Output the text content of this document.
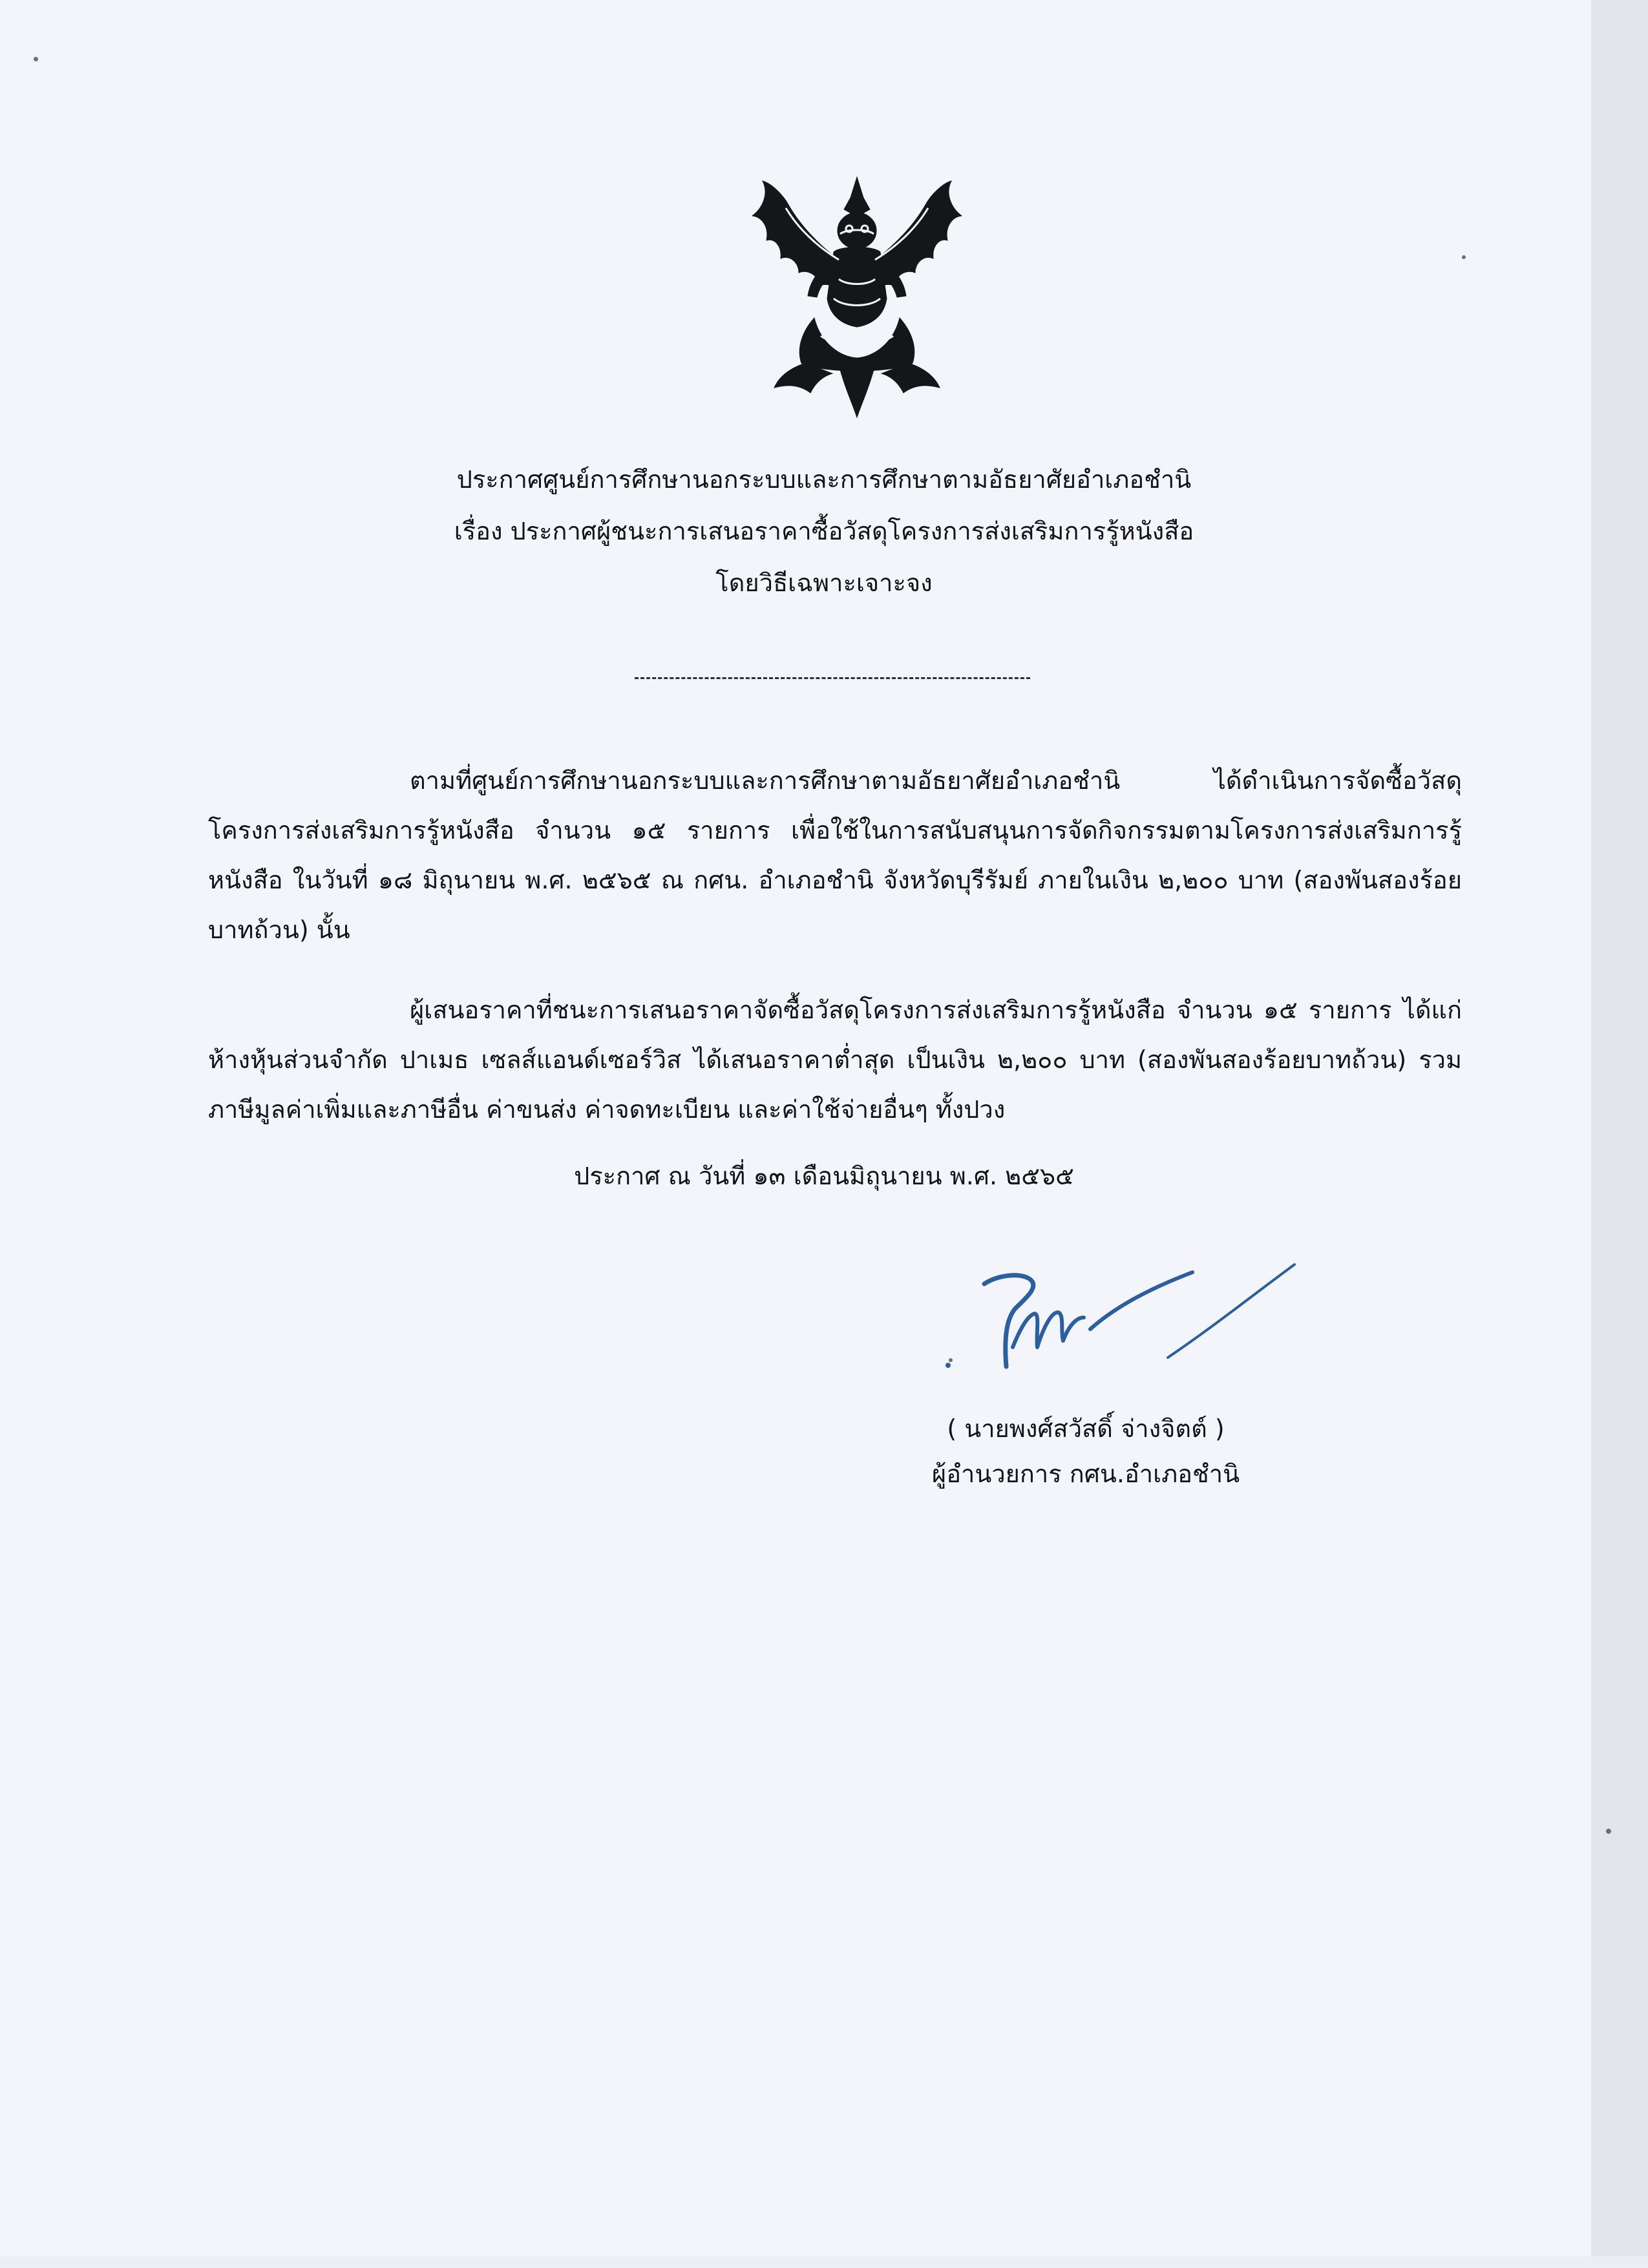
ประกาศศูนย์การศึกษานอกระบบและการศึกษาตามอัธยาศัยอำเภอชำนิ
เรื่อง ประกาศผู้ชนะการเสนอราคาซื้อวัสดุโครงการส่งเสริมการรู้หนังสือ
โดยวิธีเฉพาะเจาะจง

ตามที่ศูนย์การศึกษานอกระบบและการศึกษาตามอัธยาศัยอำเภอชำนิ ได้ดำเนินการจัดซื้อวัสดุโครงการส่งเสริมการรู้หนังสือ จำนวน ๑๕ รายการ เพื่อใช้ในการสนับสนุนการจัดกิจกรรมตามโครงการส่งเสริมการรู้หนังสือ ในวันที่ ๑๘ มิถุนายน พ.ศ. ๒๕๖๕ ณ กศน. อำเภอชำนิ จังหวัดบุรีรัมย์ ภายในเงิน ๒,๒๐๐ บาท (สองพันสองร้อยบาทถ้วน) นั้น

ผู้เสนอราคาที่ชนะการเสนอราคาจัดซื้อวัสดุโครงการส่งเสริมการรู้หนังสือ จำนวน ๑๕ รายการ ได้แก่ ห้างหุ้นส่วนจำกัด ปาเมธ เซลส์แอนด์เซอร์วิส ได้เสนอราคาต่ำสุด เป็นเงิน ๒,๒๐๐ บาท (สองพันสองร้อยบาทถ้วน) รวมภาษีมูลค่าเพิ่มและภาษีอื่น ค่าขนส่ง ค่าจดทะเบียน และค่าใช้จ่ายอื่นๆ ทั้งปวง

ประกาศ ณ วันที่ ๑๓ เดือนมิถุนายน พ.ศ. ๒๕๖๕
( นายพงศ์สวัสดิ์ จ่างจิตต์ )
ผู้อำนวยการ กศน.อำเภอชำนิ
